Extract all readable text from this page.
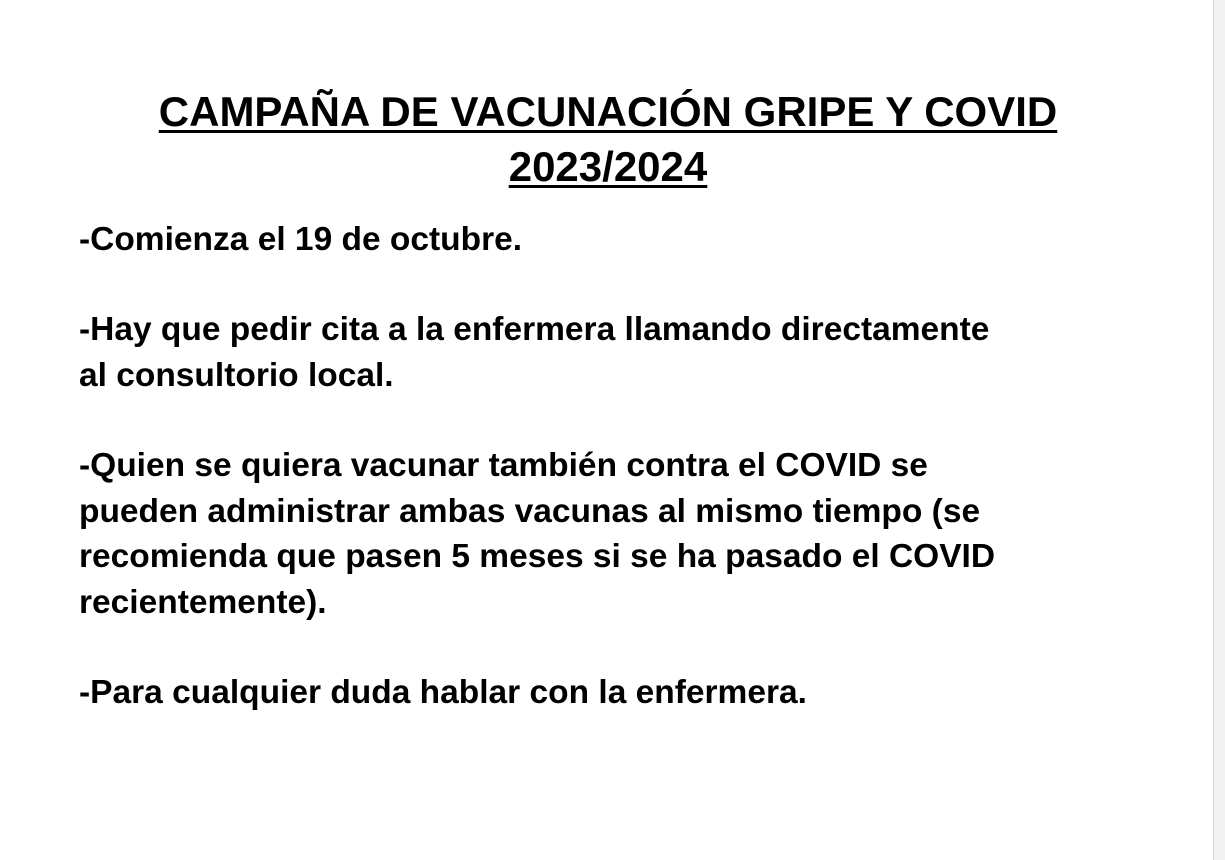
CAMPAÑA DE VACUNACIÓN GRIPE Y COVID
2023/2024

-Comienza el 19 de octubre.

-Hay que pedir cita a la enfermera llamando directamente
al consultorio local.

-Quien se quiera vacunar también contra el COVID se
pueden administrar ambas vacunas al mismo tiempo (se
recomienda que pasen 5 meses si se ha pasado el COVID
recientemente).

-Para cualquier duda hablar con la enfermera.
